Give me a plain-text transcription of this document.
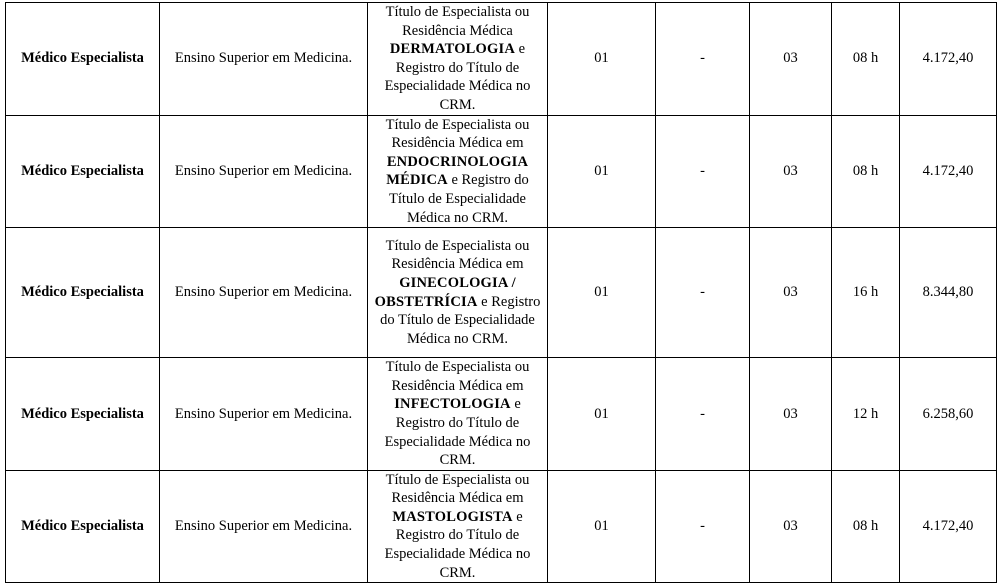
Médico Especialista	Ensino Superior em Medicina.	Título de Especialista ou Residência Médica DERMATOLOGIA e Registro do Título de Especialidade Médica no CRM.	01	-	03	08 h	4.172,40
Médico Especialista	Ensino Superior em Medicina.	Título de Especialista ou Residência Médica em ENDOCRINOLOGIA MÉDICA e Registro do Título de Especialidade Médica no CRM.	01	-	03	08 h	4.172,40
Médico Especialista	Ensino Superior em Medicina.	Título de Especialista ou Residência Médica em GINECOLOGIA / OBSTETRÍCIA e Registro do Título de Especialidade Médica no CRM.	01	-	03	16 h	8.344,80
Médico Especialista	Ensino Superior em Medicina.	Título de Especialista ou Residência Médica em INFECTOLOGIA e Registro do Título de Especialidade Médica no CRM.	01	-	03	12 h	6.258,60
Médico Especialista	Ensino Superior em Medicina.	Título de Especialista ou Residência Médica em MASTOLOGISTA e Registro do Título de Especialidade Médica no CRM.	01	-	03	08 h	4.172,40
